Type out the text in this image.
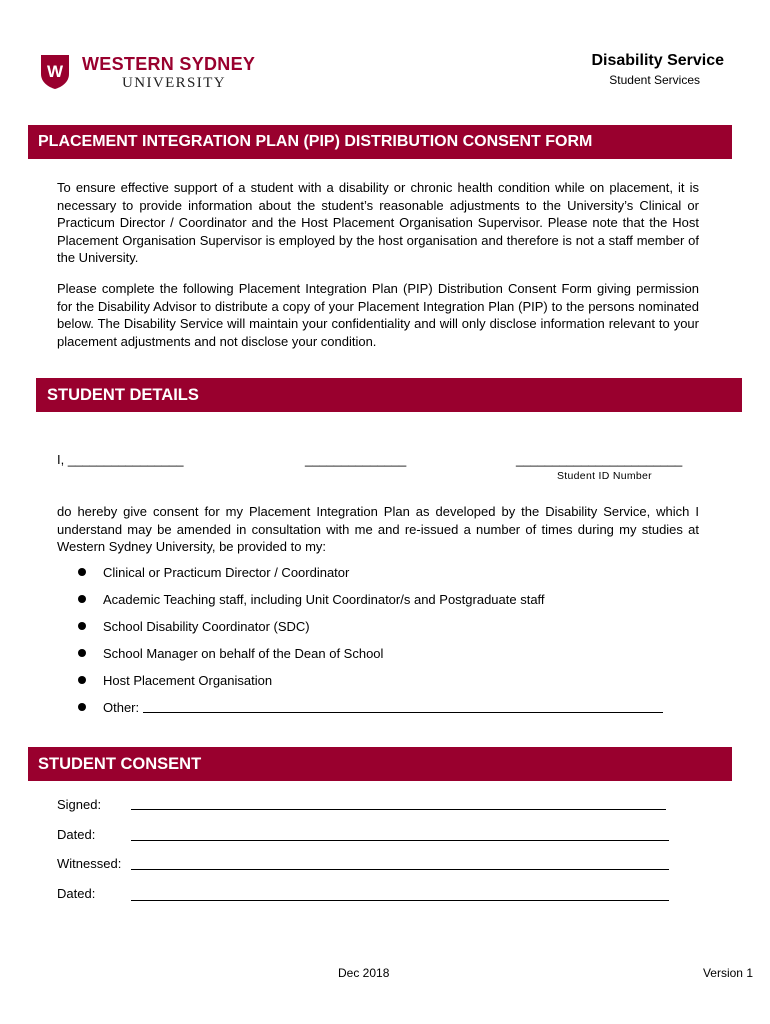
W WESTERN SYDNEY
UNIVERSITY
Disability Service
Student Services
PLACEMENT INTEGRATION PLAN (PIP) DISTRIBUTION CONSENT FORM
To ensure effective support of a student with a disability or chronic health condition while on placement, it is necessary to provide information about the student’s reasonable adjustments to the University’s Clinical or Practicum Director / Coordinator and the Host Placement Organisation Supervisor. Please note that the Host Placement Organisation Supervisor is employed by the host organisation and therefore is not a staff member of the University.
Please complete the following Placement Integration Plan (PIP) Distribution Consent Form giving permission for the Disability Advisor to distribute a copy of your Placement Integration Plan (PIP) to the persons nominated below. The Disability Service will maintain your confidentiality and will only disclose information relevant to your placement adjustments and not disclose your condition.
STUDENT DETAILS
I, ________________	______________	_______________________
Student ID Number
do hereby give consent for my Placement Integration Plan as developed by the Disability Service, which I understand may be amended in consultation with me and re-issued a number of times during my studies at Western Sydney University, be provided to my:
Clinical or Practicum Director / Coordinator
Academic Teaching staff, including Unit Coordinator/s and Postgraduate staff
School Disability Coordinator (SDC)
School Manager on behalf of the Dean of School
Host Placement Organisation
Other:
STUDENT CONSENT
Signed:
Dated:
Witnessed:
Dated:
Dec 2018	Version 1
